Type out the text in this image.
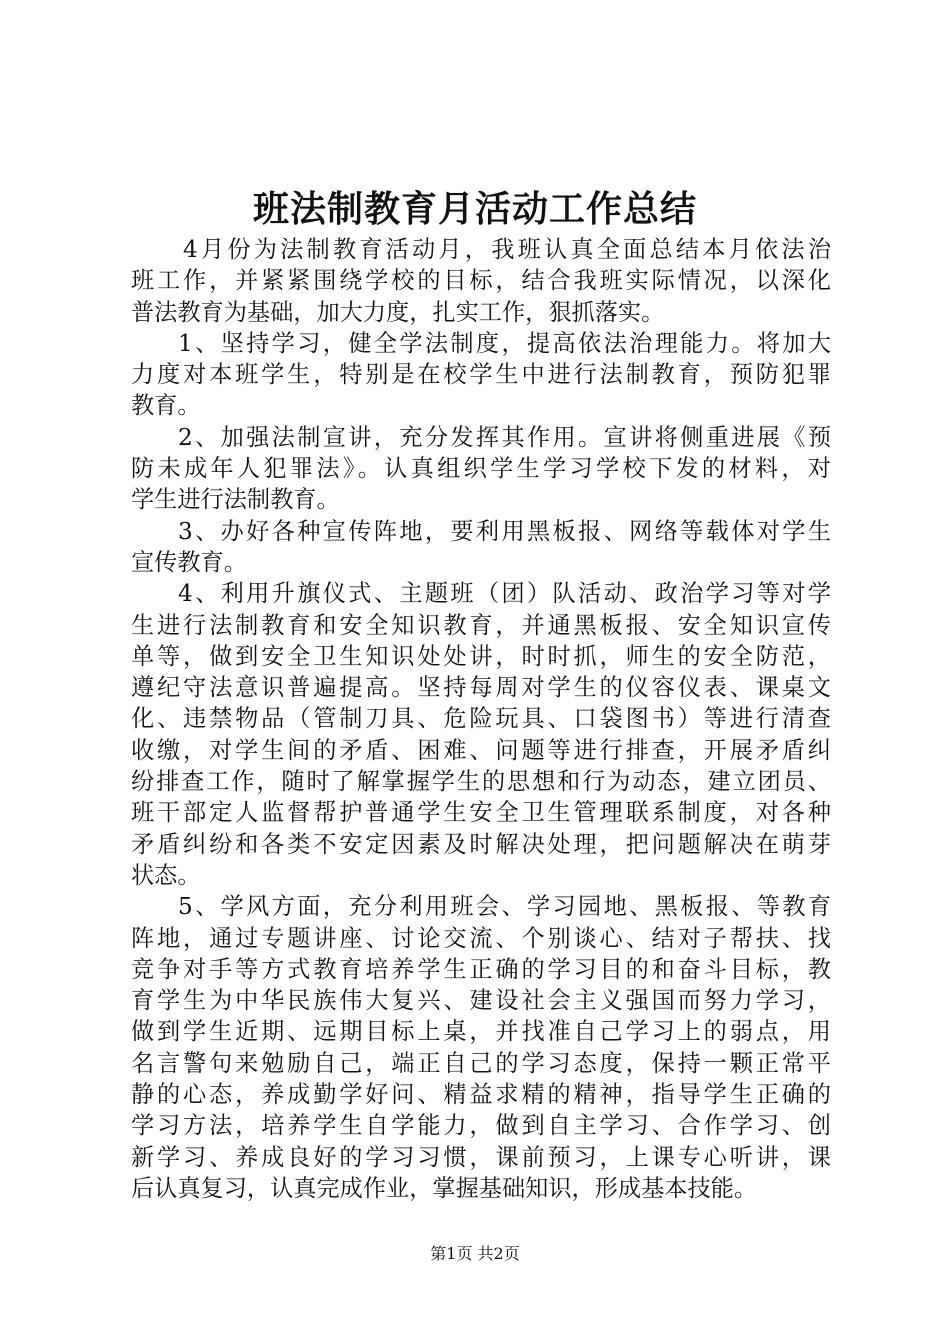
班法制教育月活动工作总结
4月份为法制教育活动月，我班认真全面总结本月依法治
班工作，并紧紧围绕学校的目标，结合我班实际情况，以深化
普法教育为基础，加大力度，扎实工作，狠抓落实。
1、坚持学习，健全学法制度，提高依法治理能力。将加大
力度对本班学生，特别是在校学生中进行法制教育，预防犯罪
教育。
2、加强法制宣讲，充分发挥其作用。宣讲将侧重进展《预
防未成年人犯罪法》。认真组织学生学习学校下发的材料，对
学生进行法制教育。
3、办好各种宣传阵地，要利用黑板报、网络等载体对学生
宣传教育。
4、利用升旗仪式、主题班（团）队活动、政治学习等对学
生进行法制教育和安全知识教育，并通黑板报、安全知识宣传
单等，做到安全卫生知识处处讲，时时抓，师生的安全防范，
遵纪守法意识普遍提高。坚持每周对学生的仪容仪表、课桌文
化、违禁物品（管制刀具、危险玩具、口袋图书）等进行清查
收缴，对学生间的矛盾、困难、问题等进行排查，开展矛盾纠
纷排查工作，随时了解掌握学生的思想和行为动态，建立团员、
班干部定人监督帮护普通学生安全卫生管理联系制度，对各种
矛盾纠纷和各类不安定因素及时解决处理，把问题解决在萌芽
状态。
5、学风方面，充分利用班会、学习园地、黑板报、等教育
阵地，通过专题讲座、讨论交流、个别谈心、结对子帮扶、找
竞争对手等方式教育培养学生正确的学习目的和奋斗目标，教
育学生为中华民族伟大复兴、建设社会主义强国而努力学习，
做到学生近期、远期目标上桌，并找准自己学习上的弱点，用
名言警句来勉励自己，端正自己的学习态度，保持一颗正常平
静的心态，养成勤学好问、精益求精的精神，指导学生正确的
学习方法，培养学生自学能力，做到自主学习、合作学习、创
新学习、养成良好的学习习惯，课前预习，上课专心听讲，课
后认真复习，认真完成作业，掌握基础知识，形成基本技能。
第1页 共2页
